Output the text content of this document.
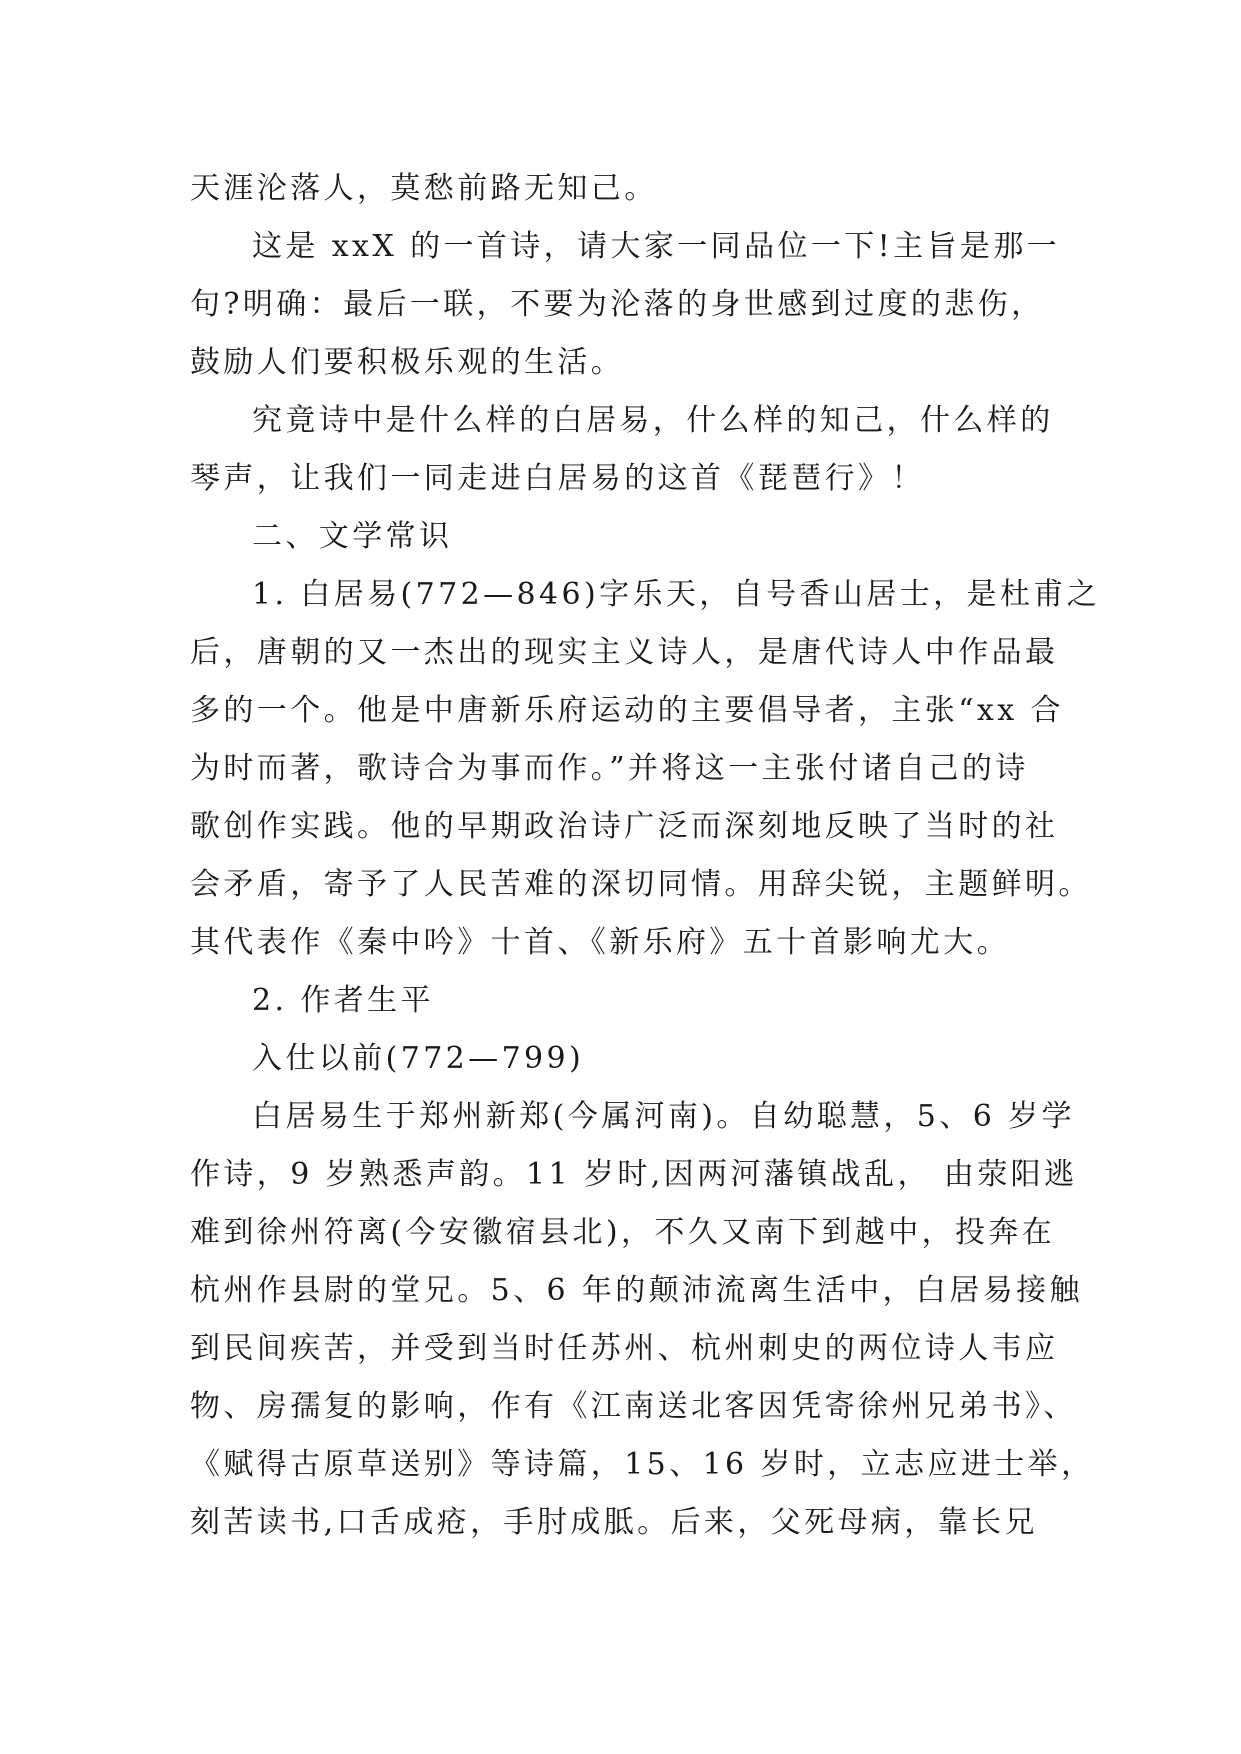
天涯沦落人，莫愁前路无知己。
这是 xxX 的一首诗，请大家一同品位一下!主旨是那一
句?明确：最后一联，不要为沦落的身世感到过度的悲伤，
鼓励人们要积极乐观的生活。
究竟诗中是什么样的白居易，什么样的知己，什么样的
琴声，让我们一同走进白居易的这首《琵琶行》！
二、文学常识
1. 白居易(772—846)字乐天，自号香山居士，是杜甫之
后，唐朝的又一杰出的现实主义诗人，是唐代诗人中作品最
多的一个。他是中唐新乐府运动的主要倡导者，主张“xx 合
为时而著，歌诗合为事而作。”并将这一主张付诸自己的诗
歌创作实践。他的早期政治诗广泛而深刻地反映了当时的社
会矛盾，寄予了人民苦难的深切同情。用辞尖锐，主题鲜明。
其代表作《秦中吟》十首、《新乐府》五十首影响尤大。
2. 作者生平
入仕以前(772—799)
白居易生于郑州新郑(今属河南)。自幼聪慧，5、6 岁学
作诗，9 岁熟悉声韵。11 岁时,因两河藩镇战乱， 由荥阳逃
难到徐州符离(今安徽宿县北)，不久又南下到越中，投奔在
杭州作县尉的堂兄。5、6 年的颠沛流离生活中，白居易接触
到民间疾苦，并受到当时任苏州、杭州刺史的两位诗人韦应
物、房孺复的影响，作有《江南送北客因凭寄徐州兄弟书》、
《赋得古原草送别》等诗篇，15、16 岁时，立志应进士举，
刻苦读书,口舌成疮，手肘成胝。后来，父死母病，靠长兄
